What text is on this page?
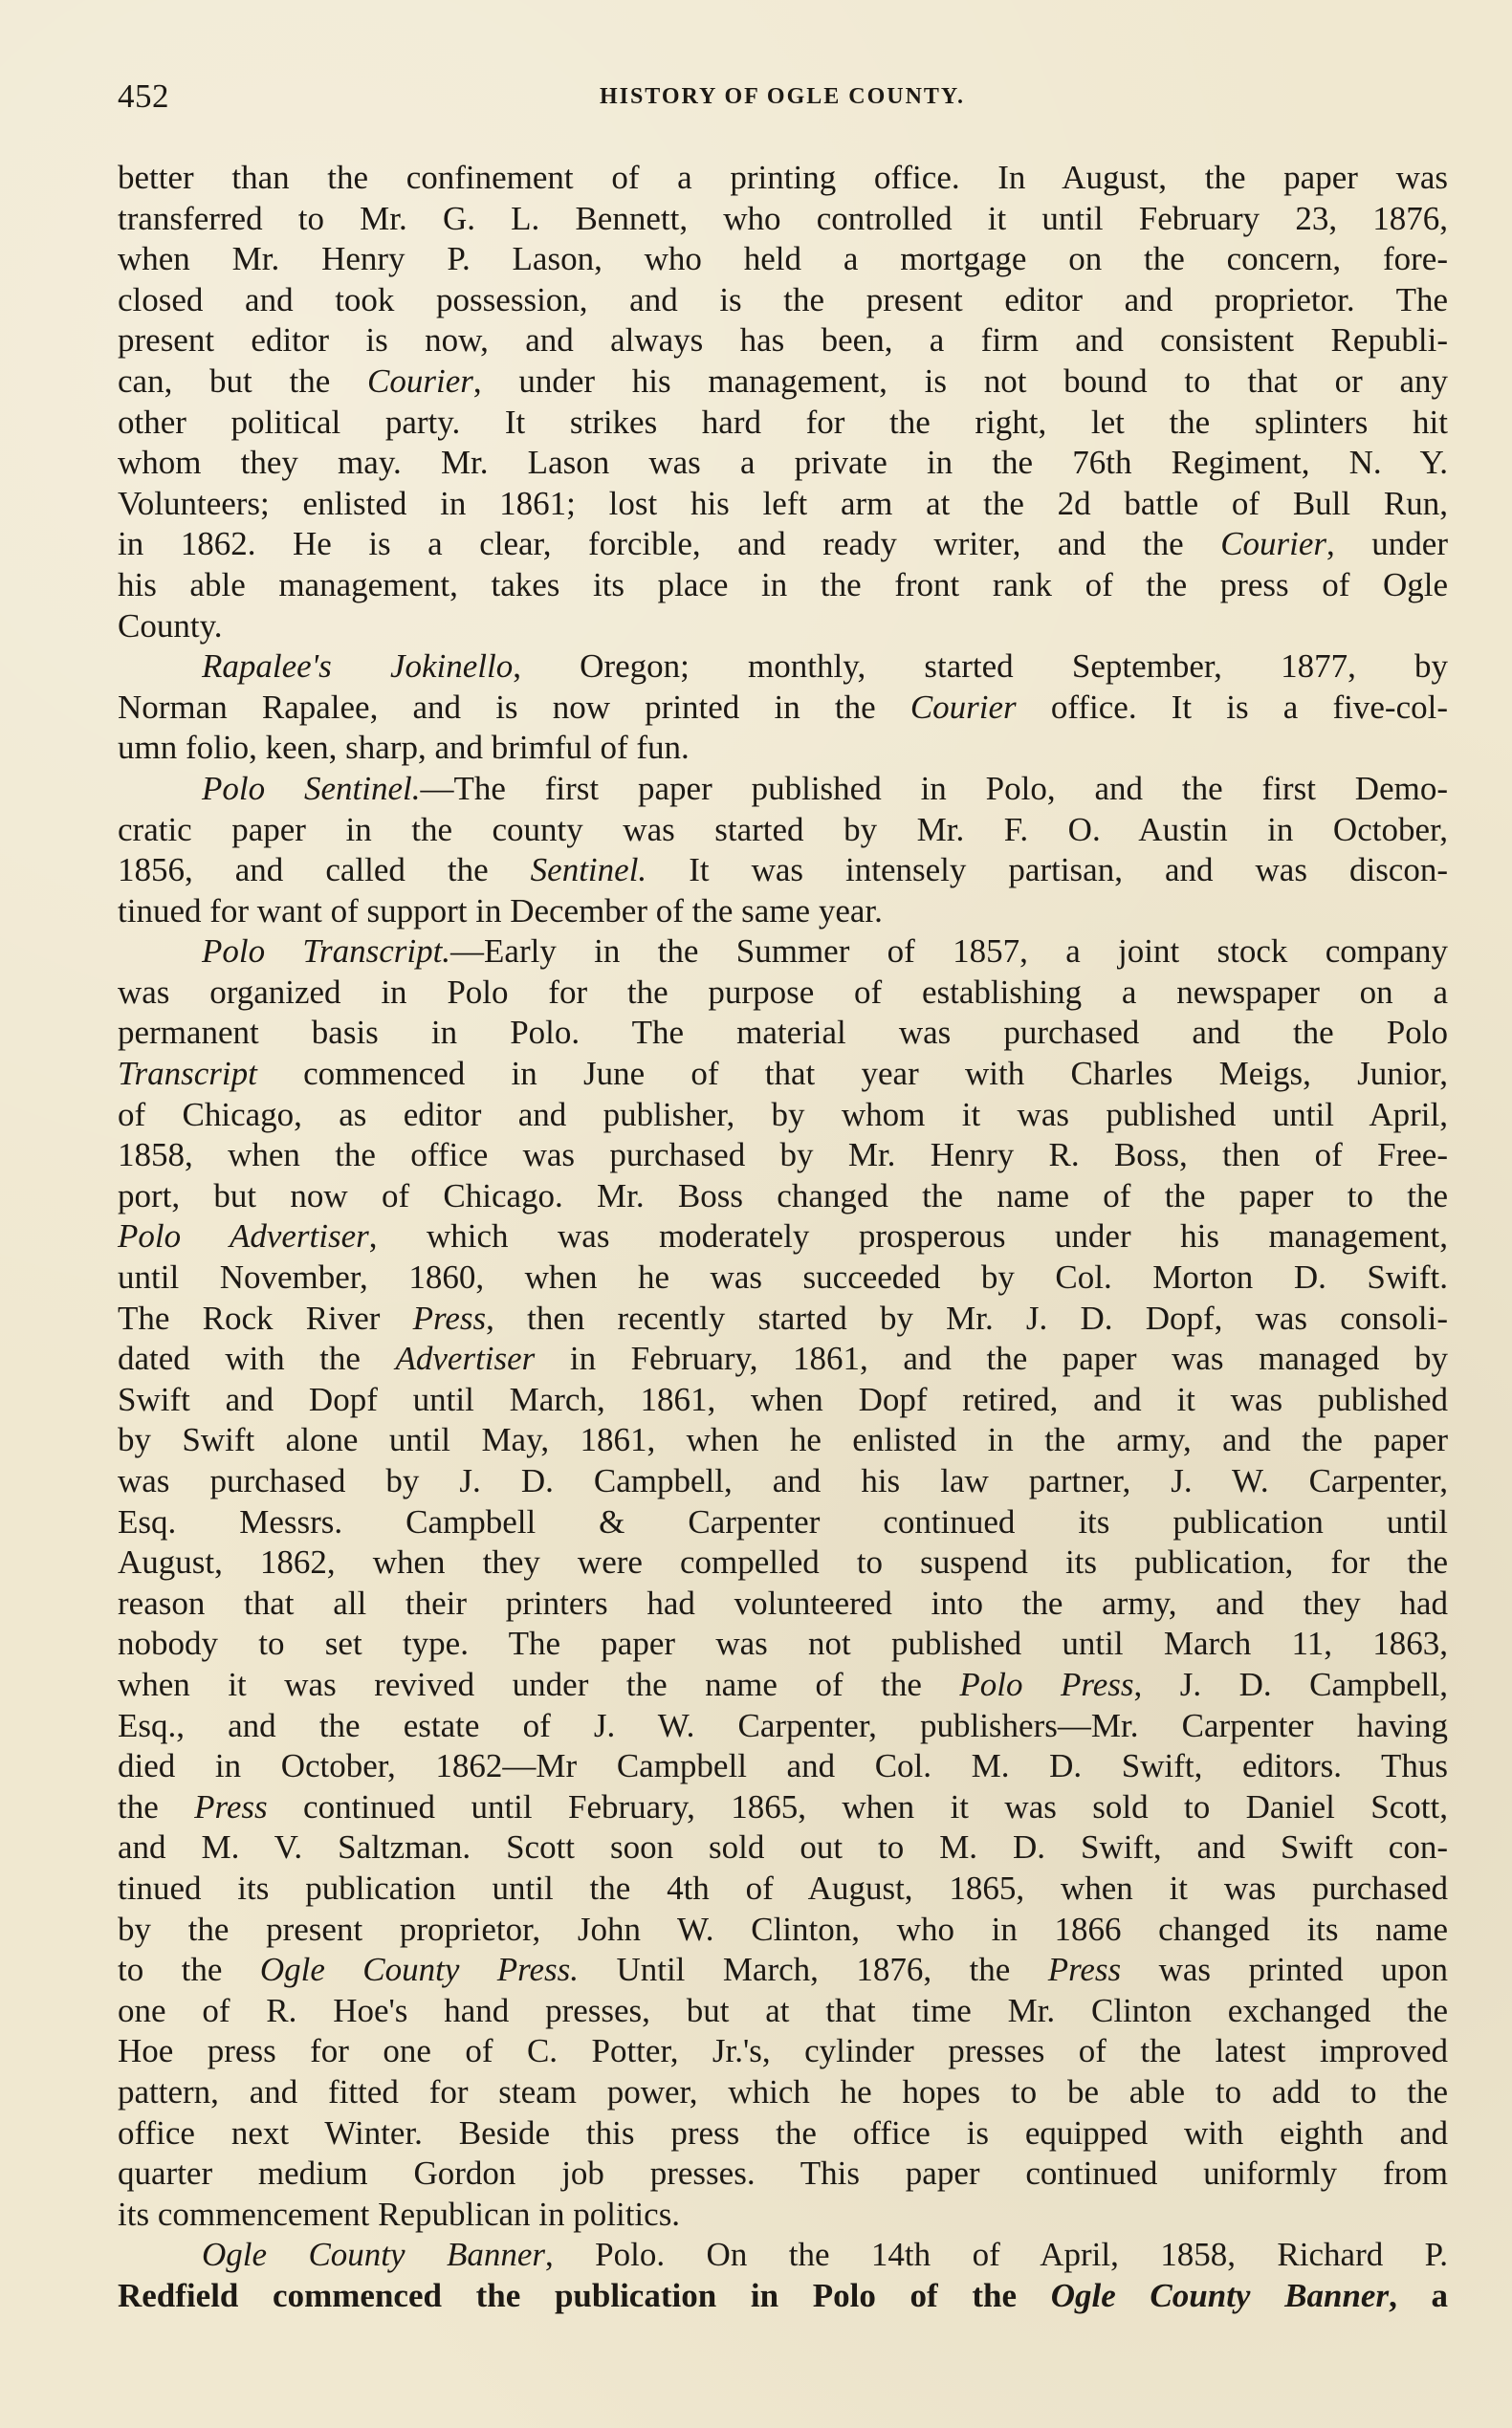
452	HISTORY OF OGLE COUNTY.
better than the confinement of a printing office. In August, the paper was
transferred to Mr. G. L. Bennett, who controlled it until February 23, 1876,
when Mr. Henry P. Lason, who held a mortgage on the concern, fore-
closed and took possession, and is the present editor and proprietor. The
present editor is now, and always has been, a firm and consistent Republi-
can, but the Courier, under his management, is not bound to that or any
other political party. It strikes hard for the right, let the splinters hit
whom they may. Mr. Lason was a private in the 76th Regiment, N. Y.
Volunteers; enlisted in 1861; lost his left arm at the 2d battle of Bull Run,
in 1862. He is a clear, forcible, and ready writer, and the Courier, under
his able management, takes its place in the front rank of the press of Ogle
County.
Rapalee's Jokinello, Oregon; monthly, started September, 1877, by
Norman Rapalee, and is now printed in the Courier office. It is a five-col-
umn folio, keen, sharp, and brimful of fun.
Polo Sentinel.—The first paper published in Polo, and the first Demo-
cratic paper in the county was started by Mr. F. O. Austin in October,
1856, and called the Sentinel. It was intensely partisan, and was discon-
tinued for want of support in December of the same year.
Polo Transcript.—Early in the Summer of 1857, a joint stock company
was organized in Polo for the purpose of establishing a newspaper on a
permanent basis in Polo. The material was purchased and the Polo
Transcript commenced in June of that year with Charles Meigs, Junior,
of Chicago, as editor and publisher, by whom it was published until April,
1858, when the office was purchased by Mr. Henry R. Boss, then of Free-
port, but now of Chicago. Mr. Boss changed the name of the paper to the
Polo Advertiser, which was moderately prosperous under his management,
until November, 1860, when he was succeeded by Col. Morton D. Swift.
The Rock River Press, then recently started by Mr. J. D. Dopf, was consoli-
dated with the Advertiser in February, 1861, and the paper was managed by
Swift and Dopf until March, 1861, when Dopf retired, and it was published
by Swift alone until May, 1861, when he enlisted in the army, and the paper
was purchased by J. D. Campbell, and his law partner, J. W. Carpenter,
Esq. Messrs. Campbell & Carpenter continued its publication until
August, 1862, when they were compelled to suspend its publication, for the
reason that all their printers had volunteered into the army, and they had
nobody to set type. The paper was not published until March 11, 1863,
when it was revived under the name of the Polo Press, J. D. Campbell,
Esq., and the estate of J. W. Carpenter, publishers—Mr. Carpenter having
died in October, 1862—Mr Campbell and Col. M. D. Swift, editors. Thus
the Press continued until February, 1865, when it was sold to Daniel Scott,
and M. V. Saltzman. Scott soon sold out to M. D. Swift, and Swift con-
tinued its publication until the 4th of August, 1865, when it was purchased
by the present proprietor, John W. Clinton, who in 1866 changed its name
to the Ogle County Press. Until March, 1876, the Press was printed upon
one of R. Hoe's hand presses, but at that time Mr. Clinton exchanged the
Hoe press for one of C. Potter, Jr.'s, cylinder presses of the latest improved
pattern, and fitted for steam power, which he hopes to be able to add to the
office next Winter. Beside this press the office is equipped with eighth and
quarter medium Gordon job presses. This paper continued uniformly from
its commencement Republican in politics.
Ogle County Banner, Polo. On the 14th of April, 1858, Richard P.
Redfield commenced the publication in Polo of the Ogle County Banner, a
